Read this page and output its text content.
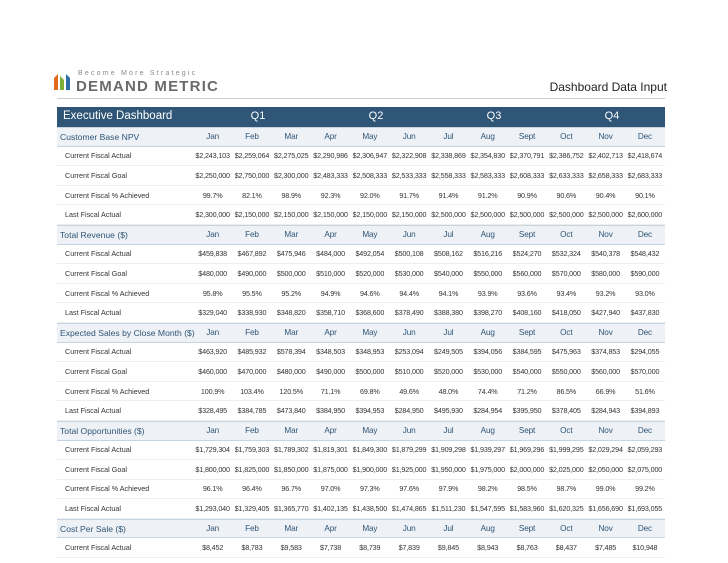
Become More Strategic
DEMAND METRIC	Dashboard Data Input
Executive Dashboard	Q1	Q2	Q3	Q4
Customer Base NPV	Jan	Feb	Mar	Apr	May	Jun	Jul	Aug	Sept	Oct	Nov	Dec
Current Fiscal Actual	$2,243,103 $2,259,064 $2,275,025 $2,290,986 $2,306,947 $2,322,908 $2,338,869 $2,354,830 $2,370,791 $2,386,752 $2,402,713 $2,418,674
Current Fiscal Goal	$2,250,000 $2,750,000 $2,300,000 $2,483,333 $2,508,333 $2,533,333 $2,558,333 $2,583,333 $2,608,333 $2,633,333 $2,658,333 $2,683,333
Current Fiscal % Achieved	99.7%	82.1%	98.9%	92.3%	92.0%	91.7%	91.4%	91.2%	90.9%	90.6%	90.4%	90.1%
Last Fiscal Actual	$2,300,000 $2,150,000 $2,150,000 $2,150,000 $2,150,000 $2,150,000 $2,500,000 $2,500,000 $2,500,000 $2,500,000 $2,500,000 $2,600,000
Total Revenue ($)	Jan	Feb	Mar	Apr	May	Jun	Jul	Aug	Sept	Oct	Nov	Dec
Current Fiscal Actual	$459,838	$467,892	$475,946	$484,000	$492,054	$500,108	$508,162	$516,216	$524,270	$532,324	$540,378	$548,432
Current Fiscal Goal	$480,000	$490,000	$500,000	$510,000	$520,000	$530,000	$540,000	$550,000	$560,000	$570,000	$580,000	$590,000
Current Fiscal % Achieved	95.8%	95.5%	95.2%	94.9%	94.6%	94.4%	94.1%	93.9%	93.6%	93.4%	93.2%	93.0%
Last Fiscal Actual	$329,040	$338,930	$348,820	$358,710	$368,600	$378,490	$388,380	$398,270	$408,160	$418,050	$427,940	$437,830
Expected Sales by Close Month ($)	Jan	Feb	Mar	Apr	May	Jun	Jul	Aug	Sept	Oct	Nov	Dec
Current Fiscal Actual	$463,920	$485,932	$578,394	$348,503	$348,953	$253,094	$249,505	$394,056	$384,595	$475,963	$374,853	$294,055
Current Fiscal Goal	$460,000	$470,000	$480,000	$490,000	$500,000	$510,000	$520,000	$530,000	$540,000	$550,000	$560,000	$570,000
Current Fiscal % Achieved	100.9%	103.4%	120.5%	71.1%	69.8%	49.6%	48.0%	74.4%	71.2%	86.5%	66.9%	51.6%
Last Fiscal Actual	$328,495	$384,785	$473,840	$384,950	$394,953	$284,950	$495,930	$284,954	$395,950	$378,405	$284,943	$394,893
Total Opportunities ($)	Jan	Feb	Mar	Apr	May	Jun	Jul	Aug	Sept	Oct	Nov	Dec
Current Fiscal Actual	$1,729,304 $1,759,303 $1,789,302 $1,819,301 $1,849,300 $1,879,299 $1,909,298 $1,939,297 $1,969,296 $1,999,295 $2,029,294 $2,059,293
Current Fiscal Goal	$1,800,000 $1,825,000 $1,850,000 $1,875,000 $1,900,000 $1,925,000 $1,950,000 $1,975,000 $2,000,000 $2,025,000 $2,050,000 $2,075,000
Current Fiscal % Achieved	96.1%	96.4%	96.7%	97.0%	97.3%	97.6%	97.9%	98.2%	98.5%	98.7%	99.0%	99.2%
Last Fiscal Actual	$1,293,040 $1,329,405 $1,365,770 $1,402,135 $1,438,500 $1,474,865 $1,511,230 $1,547,595 $1,583,960 $1,620,325 $1,656,690 $1,693,055
Cost Per Sale ($)	Jan	Feb	Mar	Apr	May	Jun	Jul	Aug	Sept	Oct	Nov	Dec
Current Fiscal Actual	$8,452	$8,783	$9,583	$7,738	$8,739	$7,839	$9,845	$8,943	$8,763	$8,437	$7,485	$10,948
